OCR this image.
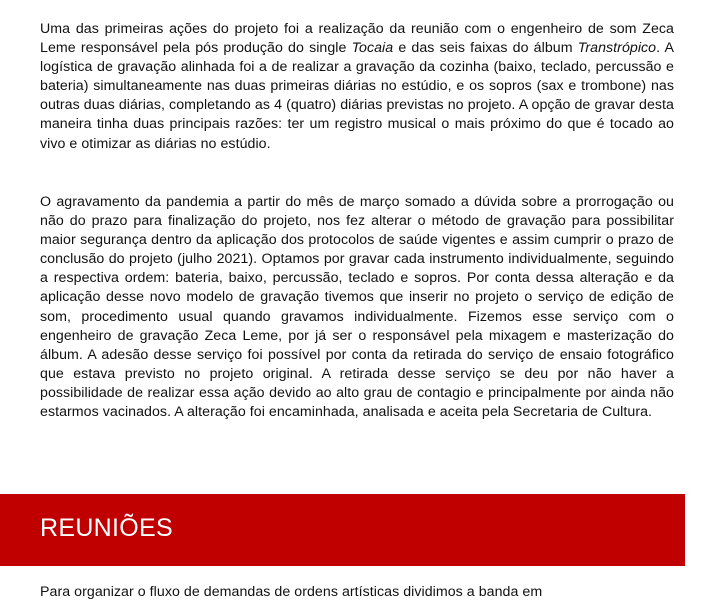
Uma das primeiras ações do projeto foi a realização da reunião com o engenheiro de som Zeca Leme responsável pela pós produção do single Tocaia e das seis faixas do álbum Transtrópico. A logística de gravação alinhada foi a de realizar a gravação da cozinha (baixo, teclado, percussão e bateria) simultaneamente nas duas primeiras diárias no estúdio, e os sopros (sax e trombone) nas outras duas diárias, completando as 4 (quatro) diárias previstas no projeto. A opção de gravar desta maneira tinha duas principais razões: ter um registro musical o mais próximo do que é tocado ao vivo e otimizar as diárias no estúdio.

O agravamento da pandemia a partir do mês de março somado a dúvida sobre a prorrogação ou não do prazo para finalização do projeto, nos fez alterar o método de gravação para possibilitar maior segurança dentro da aplicação dos protocolos de saúde vigentes e assim cumprir o prazo de conclusão do projeto (julho 2021). Optamos por gravar cada instrumento individualmente, seguindo a respectiva ordem: bateria, baixo, percussão, teclado e sopros. Por conta dessa alteração e da aplicação desse novo modelo de gravação tivemos que inserir no projeto o serviço de edição de som, procedimento usual quando gravamos individualmente. Fizemos esse serviço com o engenheiro de gravação Zeca Leme, por já ser o responsável pela mixagem e masterização do álbum. A adesão desse serviço foi possível por conta da retirada do serviço de ensaio fotográfico que estava previsto no projeto original. A retirada desse serviço se deu por não haver a possibilidade de realizar essa ação devido ao alto grau de contagio e principalmente por ainda não estarmos vacinados. A alteração foi encaminhada, analisada e aceita pela Secretaria de Cultura.

REUNIÕES

Para organizar o fluxo de demandas de ordens artísticas dividimos a banda em
